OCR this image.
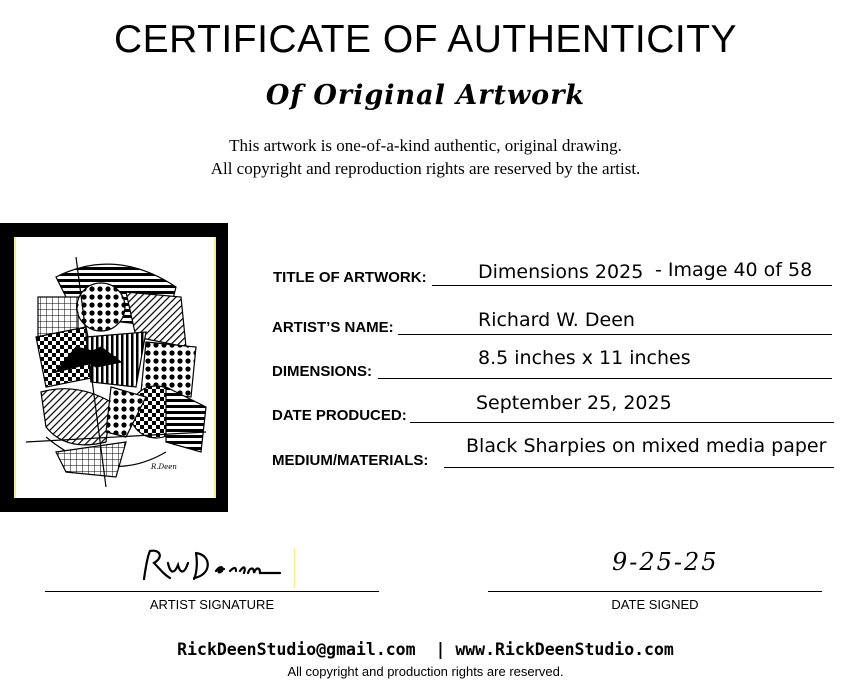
CERTIFICATE OF AUTHENTICITY
Of Original Artwork
This artwork is one-of-a-kind authentic, original drawing.
All copyright and reproduction rights are reserved by the artist.
R.Deen
TITLE OF ARTWORK:	Dimensions 2025 - Image 40 of 58
ARTIST’S NAME:	Richard W. Deen
DIMENSIONS:
8.5 inches x 11 inches
DATE PRODUCED:
September 25, 2025
MEDIUM/MATERIALS:
Black Sharpies on mixed media paper
ARTIST SIGNATURE
9-25-25
DATE SIGNED
RickDeenStudio@gmail.com | www.RickDeenStudio.com
All copyright and production rights are reserved.
